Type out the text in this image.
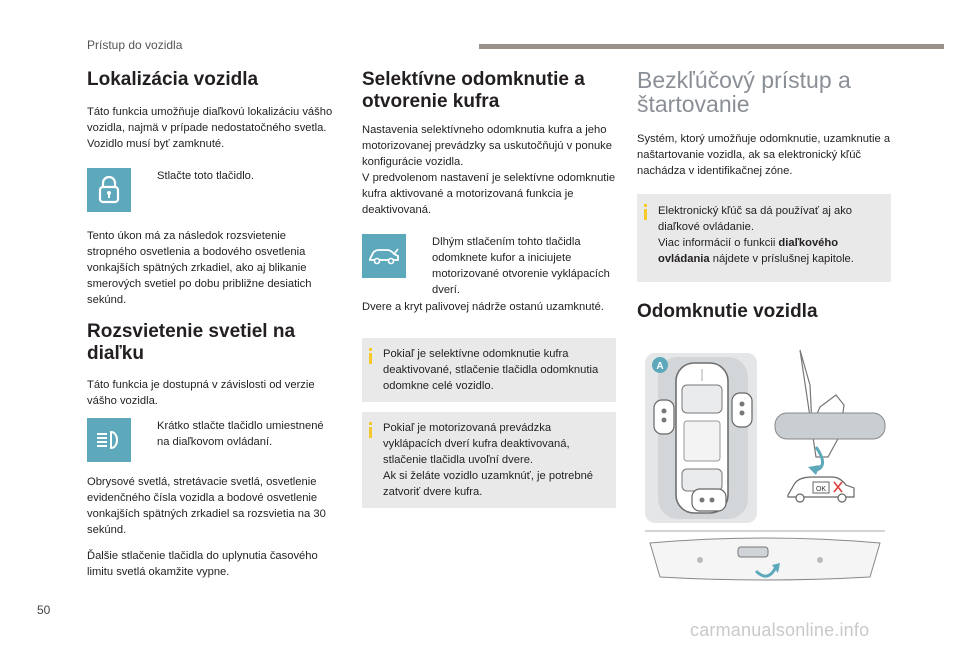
Prístup do vozidla
Lokalizácia vozidla

Táto funkcia umožňuje diaľkovú lokalizáciu vášho vozidla, najmä v prípade nedostatočného svetla. Vozidlo musí byť zamknuté.

Stlačte toto tlačidlo.

Tento úkon má za následok rozsvietenie stropného osvetlenia a bodového osvetlenia vonkajších spätných zrkadiel, ako aj blikanie smerových svetiel po dobu približne desiatich sekúnd.

Rozsvietenie svetiel na diaľku

Táto funkcia je dostupná v závislosti od verzie vášho vozidla.

Krátko stlačte tlačidlo umiestnené na diaľkovom ovládaní.

Obrysové svetlá, stretávacie svetlá, osvetlenie evidenčného čísla vozidla a bodové osvetlenie vonkajších spätných zrkadiel sa rozsvietia na 30 sekúnd.

Ďalšie stlačenie tlačidla do uplynutia časového limitu svetlá okamžite vypne.

Selektívne odomknutie a otvorenie kufra

Nastavenia selektívneho odomknutia kufra a jeho motorizovanej prevádzky sa uskutočňujú v ponuke konfigurácie vozidla.

V predvolenom nastavení je selektívne odomknutie kufra aktivované a motorizovaná funkcia je deaktivovaná.

Dlhým stlačením tohto tlačidla odomknete kufor a iniciujete motorizované otvorenie vyklápacích dverí.

Dvere a kryt palivovej nádrže ostanú uzamknuté.

Pokiaľ je selektívne odomknutie kufra deaktivované, stlačenie tlačidla odomknutia odomkne celé vozidlo.
Pokiaľ je motorizovaná prevádzka vyklápacích dverí kufra deaktivovaná, stlačenie tlačidla uvoľní dvere.
Ak si želáte vozidlo uzamknúť, je potrebné zatvoriť dvere kufra.
Bezkľúčový prístup a štartovanie

Systém, ktorý umožňuje odomknutie, uzamknutie a naštartovanie vozidla, ak sa elektronický kľúč nachádza v identifikačnej zóne.

Elektronický kľúč sa dá používať aj ako diaľkové ovládanie.
Viac informácií o funkcii diaľkového ovládania nájdete v príslušnej kapitole.
Odomknutie vozidla
A
OK
50
carmanualsonline.info
